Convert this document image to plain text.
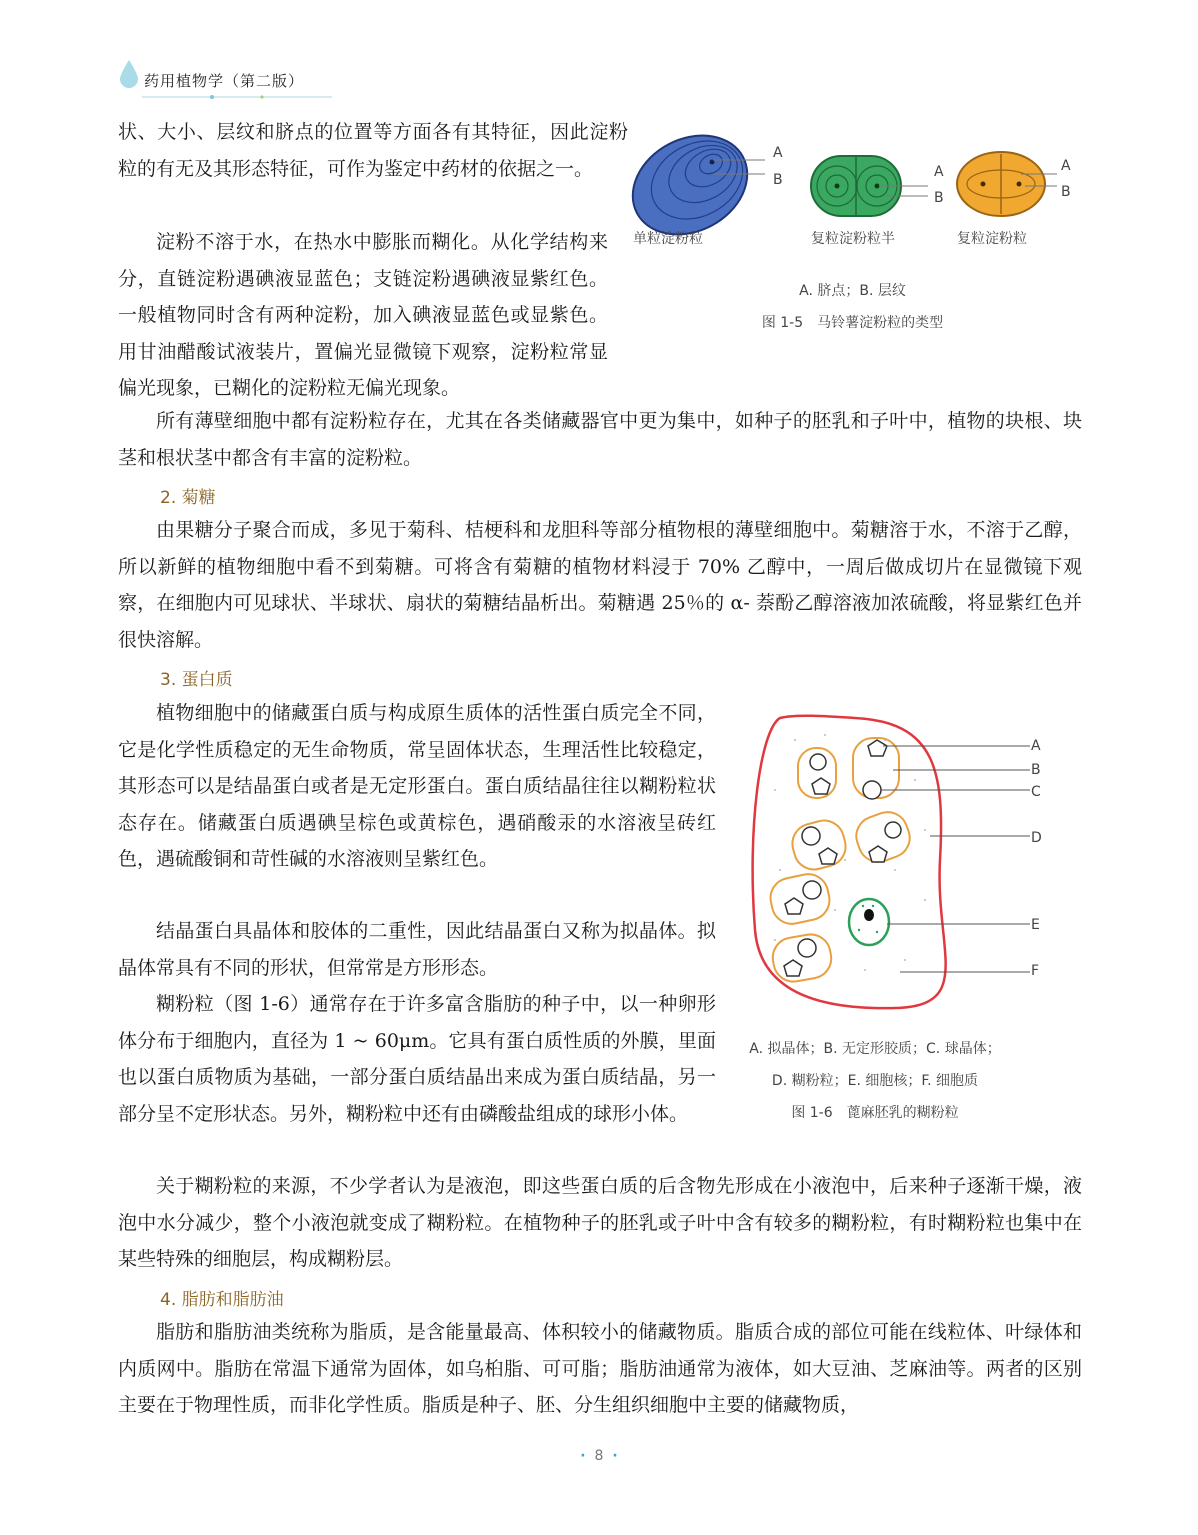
药用植物学（第二版）

状、大小、层纹和脐点的位置等方面各有其特征，因此淀粉粒的有无及其形态特征，可作为鉴定中药材的依据之一。

淀粉不溶于水，在热水中膨胀而糊化。从化学结构来分，直链淀粉遇碘液显蓝色；支链淀粉遇碘液显紫红色。一般植物同时含有两种淀粉，加入碘液显蓝色或显紫色。用甘油醋酸试液装片，置偏光显微镜下观察，淀粉粒常显偏光现象，已糊化的淀粉粒无偏光现象。

所有薄壁细胞中都有淀粉粒存在，尤其在各类储藏器官中更为集中，如种子的胚乳和子叶中，植物的块根、块茎和根状茎中都含有丰富的淀粉粒。

2. 菊糖

由果糖分子聚合而成，多见于菊科、桔梗科和龙胆科等部分植物根的薄壁细胞中。菊糖溶于水，不溶于乙醇，所以新鲜的植物细胞中看不到菊糖。可将含有菊糖的植物材料浸于 70% 乙醇中，一周后做成切片在显微镜下观察，在细胞内可见球状、半球状、扇状的菊糖结晶析出。菊糖遇 25％的 α- 萘酚乙醇溶液加浓硫酸，将显紫红色并很快溶解。

3. 蛋白质

植物细胞中的储藏蛋白质与构成原生质体的活性蛋白质完全不同，它是化学性质稳定的无生命物质，常呈固体状态，生理活性比较稳定，其形态可以是结晶蛋白或者是无定形蛋白。蛋白质结晶往往以糊粉粒状态存在。储藏蛋白质遇碘呈棕色或黄棕色，遇硝酸汞的水溶液呈砖红色，遇硫酸铜和苛性碱的水溶液则呈紫红色。

结晶蛋白具晶体和胶体的二重性，因此结晶蛋白又称为拟晶体。拟晶体常具有不同的形状，但常常是方形形态。

糊粉粒（图 1-6）通常存在于许多富含脂肪的种子中，以一种卵形体分布于细胞内，直径为 1 ~ 60μm。它具有蛋白质性质的外膜，里面也以蛋白质物质为基础，一部分蛋白质结晶出来成为蛋白质结晶，另一部分呈不定形状态。另外，糊粉粒中还有由磷酸盐组成的球形小体。

关于糊粉粒的来源，不少学者认为是液泡，即这些蛋白质的后含物先形成在小液泡中，后来种子逐渐干燥，液泡中水分减少，整个小液泡就变成了糊粉粒。在植物种子的胚乳或子叶中含有较多的糊粉粒，有时糊粉粒也集中在某些特殊的细胞层，构成糊粉层。

4. 脂肪和脂肪油

脂肪和脂肪油类统称为脂质，是含能量最高、体积较小的储藏物质。脂质合成的部位可能在线粒体、叶绿体和内质网中。脂肪在常温下通常为固体，如乌桕脂、可可脂；脂肪油通常为液体，如大豆油、芝麻油等。两者的区别主要在于物理性质，而非化学性质。脂质是种子、胚、分生组织细胞中主要的储藏物质，

A
B	A
B
A
B
单粒淀粉粒	复粒淀粉粒半	复粒淀粉粒
A. 脐点；B. 层纹
图 1-5　马铃薯淀粉粒的类型
A
B
C
D
E
F
A. 拟晶体；B. 无定形胶质；C. 球晶体；
D. 糊粉粒；E. 细胞核；F. 细胞质
图 1-6　蓖麻胚乳的糊粉粒
· 8 ·
